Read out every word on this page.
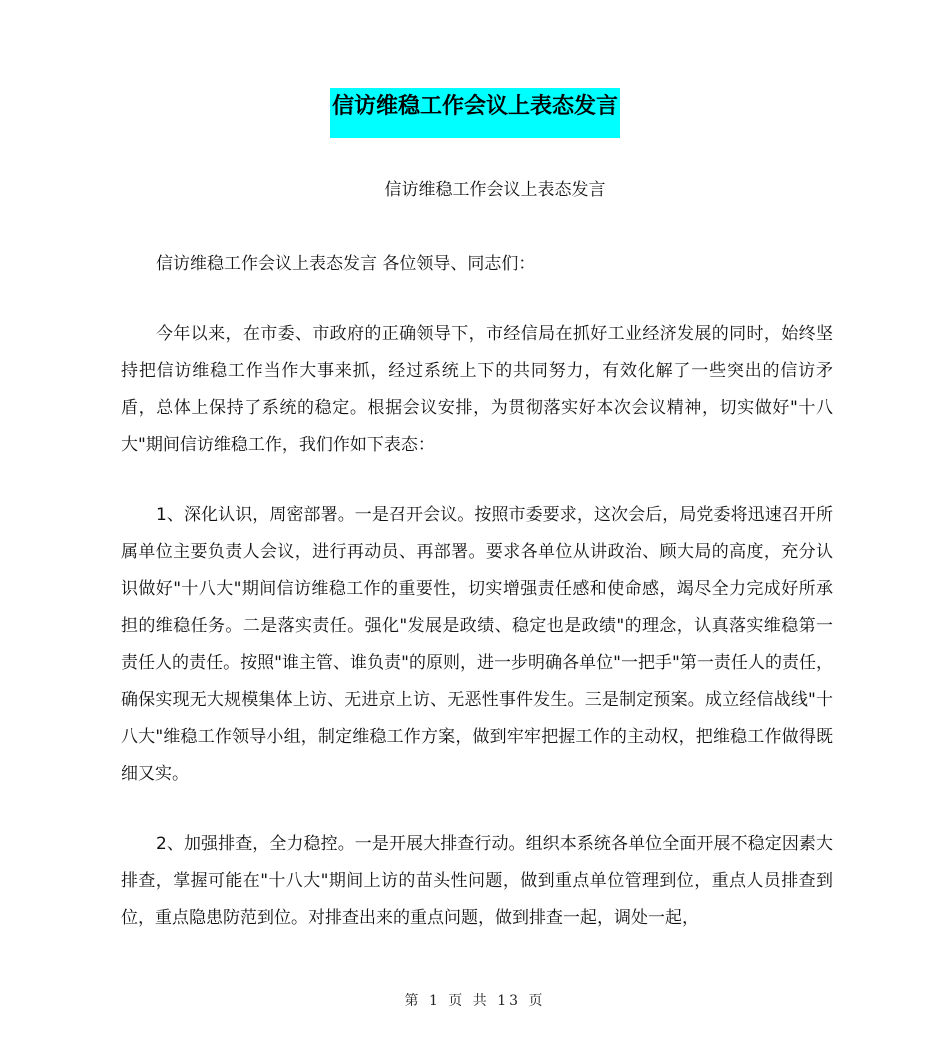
信访维稳工作会议上表态发言
信访维稳工作会议上表态发言

信访维稳工作会议上表态发言 各位领导、同志们：

今年以来，在市委、市政府的正确领导下，市经信局在抓好工业经济发展的同时，始终坚持把信访维稳工作当作大事来抓，经过系统上下的共同努力，有效化解了一些突出的信访矛盾，总体上保持了系统的稳定。根据会议安排，为贯彻落实好本次会议精神，切实做好"十八大"期间信访维稳工作，我们作如下表态：

1、深化认识，周密部署。一是召开会议。按照市委要求，这次会后，局党委将迅速召开所属单位主要负责人会议，进行再动员、再部署。要求各单位从讲政治、顾大局的高度，充分认识做好"十八大"期间信访维稳工作的重要性，切实增强责任感和使命感，竭尽全力完成好所承担的维稳任务。二是落实责任。强化"发展是政绩、稳定也是政绩"的理念，认真落实维稳第一责任人的责任。按照"谁主管、谁负责"的原则，进一步明确各单位"一把手"第一责任人的责任，确保实现无大规模集体上访、无进京上访、无恶性事件发生。三是制定预案。成立经信战线"十八大"维稳工作领导小组，制定维稳工作方案，做到牢牢把握工作的主动权，把维稳工作做得既细又实。

2、加强排查，全力稳控。一是开展大排查行动。组织本系统各单位全面开展不稳定因素大排查，掌握可能在"十八大"期间上访的苗头性问题，做到重点单位管理到位，重点人员排查到位，重点隐患防范到位。对排查出来的重点问题，做到排查一起，调处一起，

第 1 页 共 13 页
